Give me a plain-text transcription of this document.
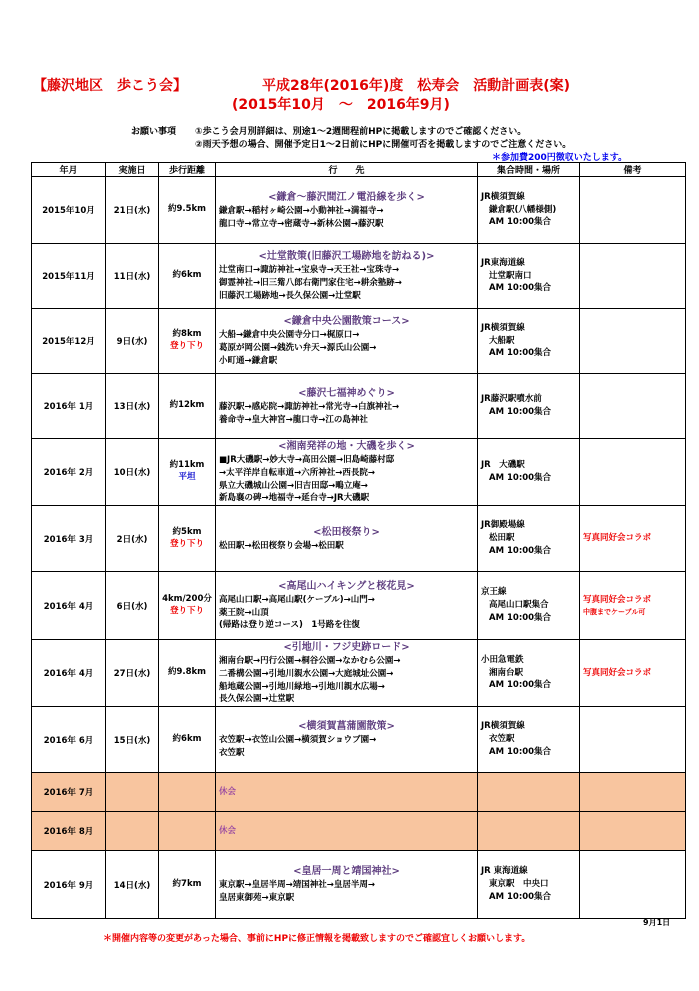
【藤沢地区　歩こう会】	平成28年(2016年)度　松寿会　活動計画表(案)
(2015年10月　～　2016年9月)
お願い事項 ①歩こう会月別詳細は、別途1～2週間程前HPに掲載しますのでご確認ください。
②雨天予想の場合、開催予定日1～2日前にHPに開催可否を掲載しますのでご注意ください。
＊参加費200円徴収いたします。
年月	実施日	歩行距離	行　　先	集合時間・場所	備考
2015年10月	21日(水)	約9.5km	<鎌倉～藤沢間江ノ電沿線を歩く>
鎌倉駅→稲村ヶ崎公園→小動神社→満福寺→
龍口寺→常立寺→密蔵寺→新林公園→藤沢駅	JR横須賀線
鎌倉駅(八幡様側)
AM 10:00集合	

2015年11月	11日(水)	約6km	<辻堂散策(旧藤沢工場跡地を訪ねる)>
辻堂南口→諏訪神社→宝泉寺→天王社→宝珠寺→
御霊神社→旧三觜八郎右衛門家住宅→耕余塾跡→
旧藤沢工場跡地→長久保公園→辻堂駅	JR東海道線
辻堂駅南口
AM 10:00集合	

2015年12月	9日(水)	約8km
登り下り	<鎌倉中央公園散策コース>
大船→鎌倉中央公園寺分口→梶原口→
葛原が岡公園→銭洗い弁天→源氏山公園→
小町通→鎌倉駅	JR横須賀線
大船駅
AM 10:00集合	

2016年 1月	13日(水)	約12km	<藤沢七福神めぐり>
藤沢駅→感応院→諏訪神社→常光寺→白旗神社→
養命寺→皇大神宮→龍口寺→江の島神社	JR藤沢駅噴水前
AM 10:00集合	

2016年 2月	10日(水)	約11km
平坦	<湘南発祥の地・大磯を歩く>
■JR大磯駅→妙大寺→高田公園→旧島崎藤村邸
→太平洋岸自転車道→六所神社→西長院→
県立大磯城山公園→旧吉田邸→鴫立庵→
新島襄の碑→地福寺→延台寺→JR大磯駅	JR　大磯駅
AM 10:00集合	

2016年 3月	2日(水)	約5km
登り下り	<松田桜祭り>
松田駅→松田桜祭り会場→松田駅	JR御殿場線
松田駅
AM 10:00集合	写真同好会コラボ

2016年 4月	6日(水)	4km/200分
登り下り	<高尾山ハイキングと桜花見>
高尾山口駅→高尾山駅(ケーブル)→山門→
薬王院→山頂
(帰路は登り逆コース)　1号路を往復	京王線
高尾山口駅集合
AM 10:00集合	写真同好会コラボ
中腹までケーブル可

2016年 4月	27日(水)	約9.8km	<引地川・フジ史跡ロード>
湘南台駅→円行公園→桐谷公園→なかむら公園→
二番構公園→引地川親水公園→大庭城址公園→
船地蔵公園→引地川緑地→引地川親水広場→
長久保公園→辻堂駅	小田急電鉄
湘南台駅
AM 10:00集合	写真同好会コラボ

2016年 6月	15日(水)	約6km	<横須賀菖蒲園散策>
衣笠駅→衣笠山公園→横須賀ショウブ園→
衣笠駅	JR横須賀線
衣笠駅
AM 10:00集合	

2016年 7月			休会		

2016年 8月			休会		

2016年 9月	14日(水)	約7km	<皇居一周と靖国神社>
東京駅→皇居半周→靖国神社→皇居半周→
皇居東御苑→東京駅	JR 東海道線
東京駅　中央口
AM 10:00集合	

9月1日
＊開催内容等の変更があった場合、事前にHPに修正情報を掲載致しますのでご確認宜しくお願いします。
